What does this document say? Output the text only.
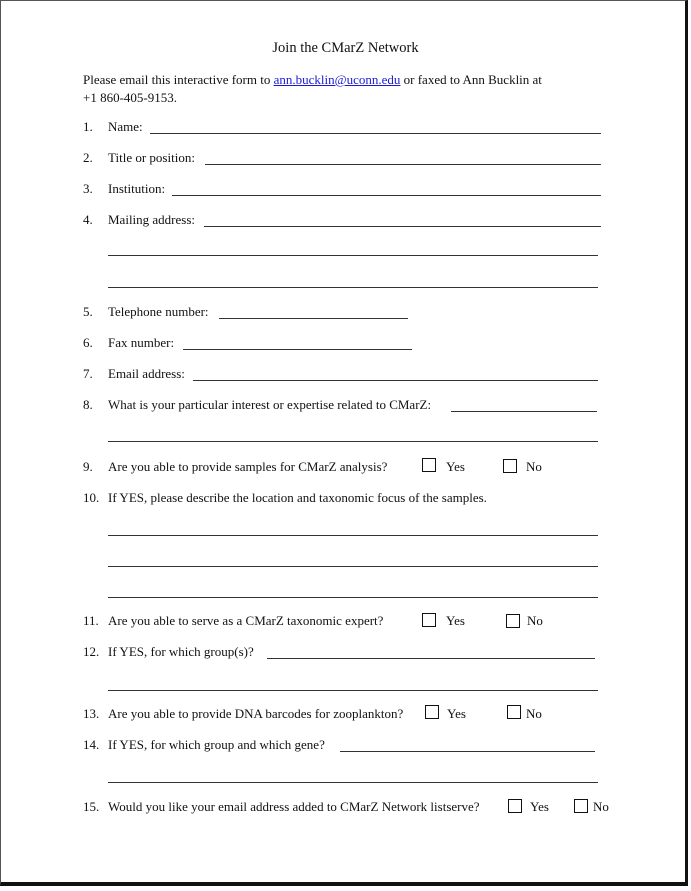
Join the CMarZ Network
Please email this interactive form to ann.bucklin@uconn.edu or faxed to Ann Bucklin at
+1 860-405-9153.
1. Name:
2. Title or position:
3. Institution:
4. Mailing address:
5. Telephone number:
6. Fax number:
7. Email address:
8. What is your particular interest or expertise related to CMarZ:
9. Are you able to provide samples for CMarZ analysis?	Yes	No
10. If YES, please describe the location and taxonomic focus of the samples.
11. Are you able to serve as a CMarZ taxonomic expert?	Yes	No
12. If YES, for which group(s)?
13. Are you able to provide DNA barcodes for zooplankton?	Yes	No
14. If YES, for which group and which gene?
15. Would you like your email address added to CMarZ Network listserve?	Yes	No
